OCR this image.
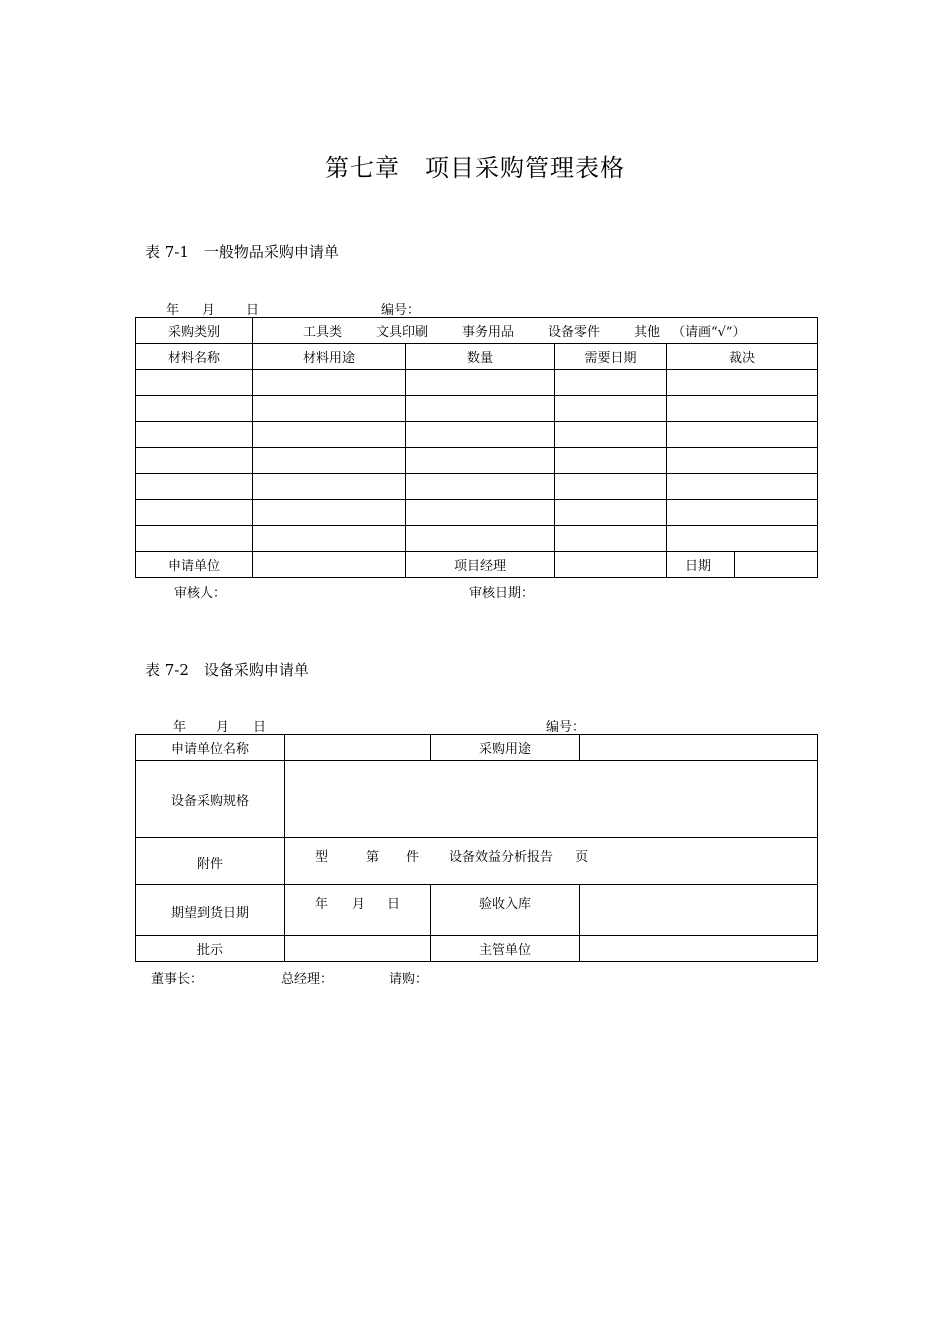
第七章　项目采购管理表格
表 7-1　一般物品采购申请单
年 月 日	编号：
采购类别	工具类 文具印刷 事务用品 设备零件 其他 （请画“√”）				
材料名称	材料用途	数量	需要日期	裁决	

申请单位		项目经理		日期	
审核人：	审核日期：
表 7-2　设备采购申请单
年 月 日	编号：
申请单位名称		采购用途	
设备采购规格			
附件	型 第 件 设备效益分析报告 页		
期望到货日期	年 月 日	验收入库	
批示		主管单位	
董事长：	总经理：	请购：
